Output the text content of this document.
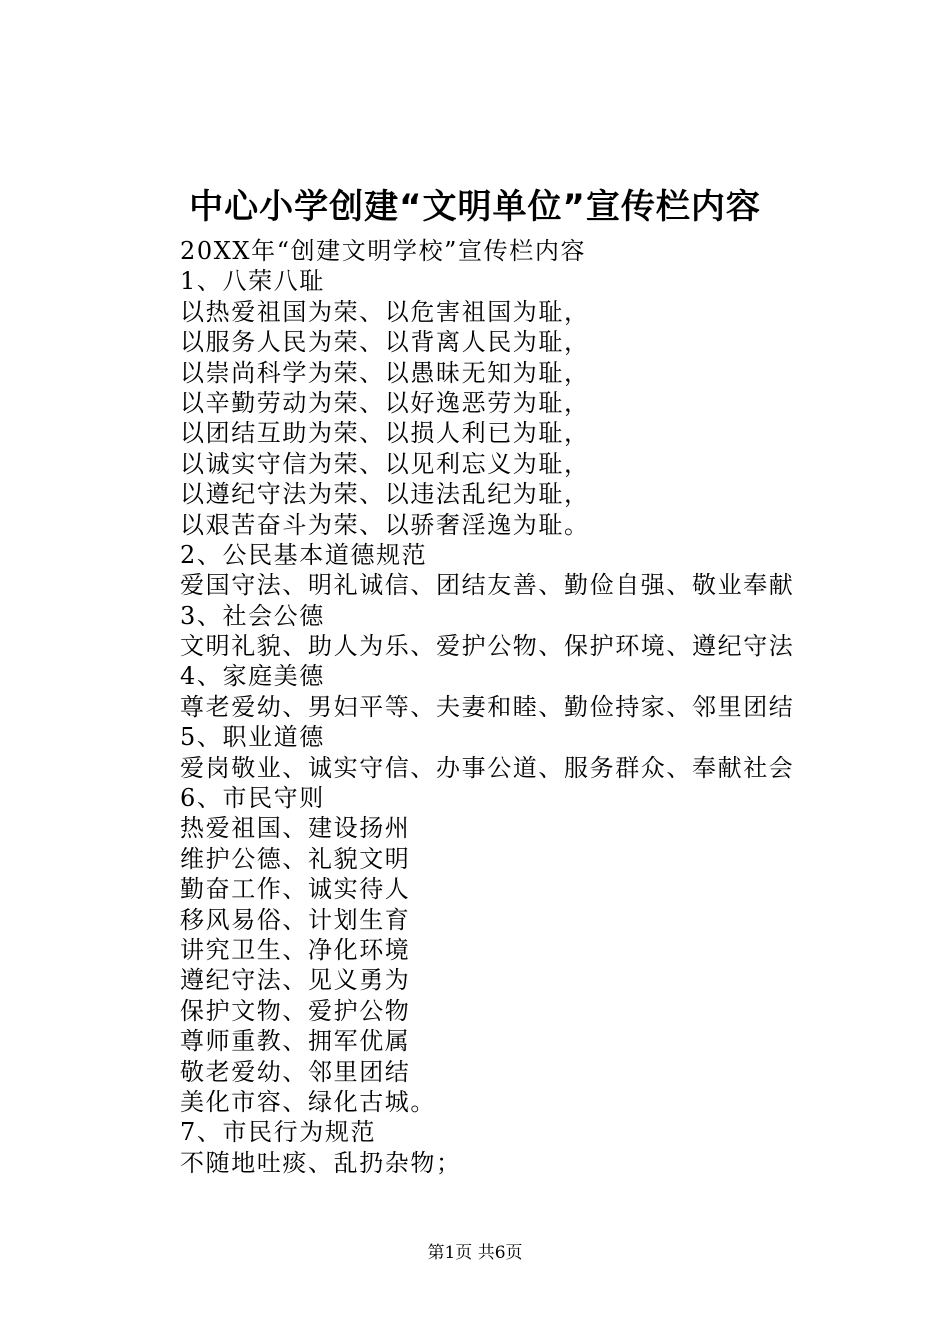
中心小学创建“文明单位”宣传栏内容
20XX年“创建文明学校”宣传栏内容
1、八荣八耻
以热爱祖国为荣、以危害祖国为耻，
以服务人民为荣、以背离人民为耻，
以崇尚科学为荣、以愚昧无知为耻，
以辛勤劳动为荣、以好逸恶劳为耻，
以团结互助为荣、以损人利已为耻，
以诚实守信为荣、以见利忘义为耻，
以遵纪守法为荣、以违法乱纪为耻，
以艰苦奋斗为荣、以骄奢淫逸为耻。
2、公民基本道德规范
爱国守法、明礼诚信、团结友善、勤俭自强、敬业奉献
3、社会公德
文明礼貌、助人为乐、爱护公物、保护环境、遵纪守法
4、家庭美德
尊老爱幼、男妇平等、夫妻和睦、勤俭持家、邻里团结
5、职业道德
爱岗敬业、诚实守信、办事公道、服务群众、奉献社会
6、市民守则
热爱祖国、建设扬州
维护公德、礼貌文明
勤奋工作、诚实待人
移风易俗、计划生育
讲究卫生、净化环境
遵纪守法、见义勇为
保护文物、爱护公物
尊师重教、拥军优属
敬老爱幼、邻里团结
美化市容、绿化古城。
7、市民行为规范
不随地吐痰、乱扔杂物；
第1页 共6页
